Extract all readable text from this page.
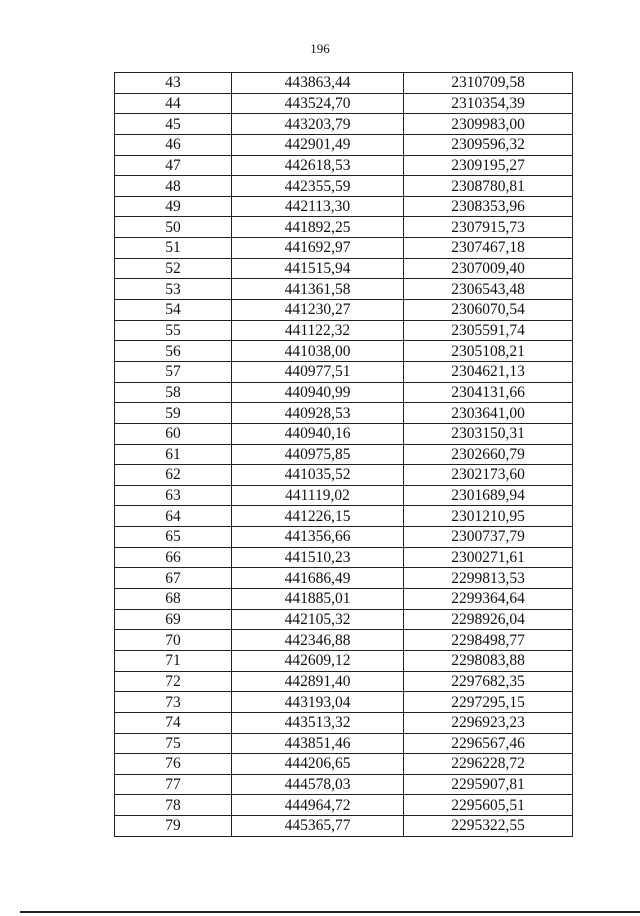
196
43	443863,44	2310709,58
44	443524,70	2310354,39
45	443203,79	2309983,00
46	442901,49	2309596,32
47	442618,53	2309195,27
48	442355,59	2308780,81
49	442113,30	2308353,96
50	441892,25	2307915,73
51	441692,97	2307467,18
52	441515,94	2307009,40
53	441361,58	2306543,48
54	441230,27	2306070,54
55	441122,32	2305591,74
56	441038,00	2305108,21
57	440977,51	2304621,13
58	440940,99	2304131,66
59	440928,53	2303641,00
60	440940,16	2303150,31
61	440975,85	2302660,79
62	441035,52	2302173,60
63	441119,02	2301689,94
64	441226,15	2301210,95
65	441356,66	2300737,79
66	441510,23	2300271,61
67	441686,49	2299813,53
68	441885,01	2299364,64
69	442105,32	2298926,04
70	442346,88	2298498,77
71	442609,12	2298083,88
72	442891,40	2297682,35
73	443193,04	2297295,15
74	443513,32	2296923,23
75	443851,46	2296567,46
76	444206,65	2296228,72
77	444578,03	2295907,81
78	444964,72	2295605,51
79	445365,77	2295322,55
